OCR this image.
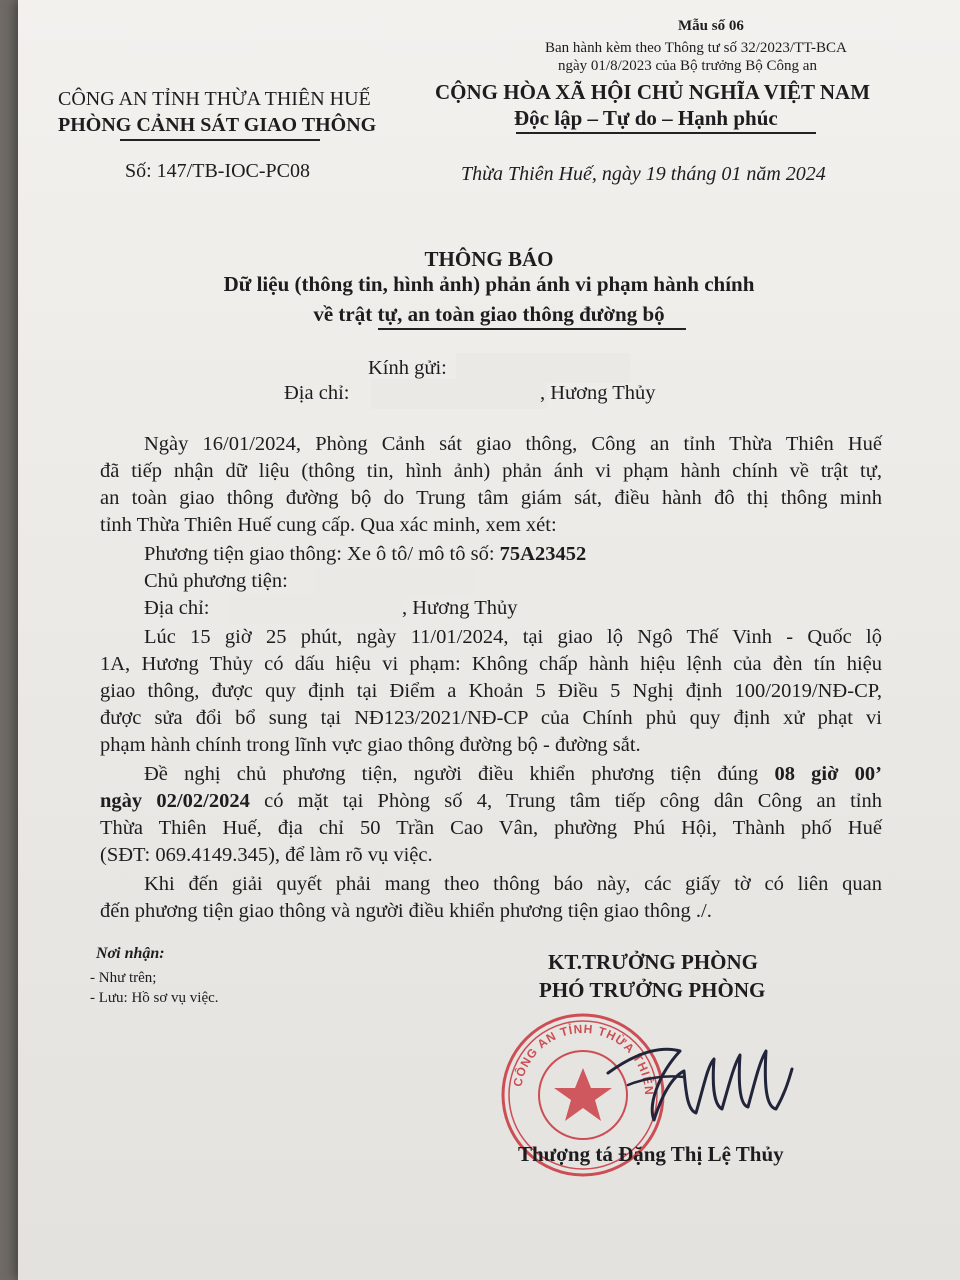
Mẫu số 06
Ban hành kèm theo Thông tư số 32/2023/TT-BCA
ngày 01/8/2023 của Bộ trưởng Bộ Công an
CÔNG AN TỈNH THỪA THIÊN HUẾ
PHÒNG CẢNH SÁT GIAO THÔNG
CỘNG HÒA XÃ HỘI CHỦ NGHĨA VIỆT NAM
Độc lập – Tự do – Hạnh phúc
Số: 147/TB-IOC-PC08	Thừa Thiên Huế, ngày 19 tháng 01 năm 2024
THÔNG BÁO
Dữ liệu (thông tin, hình ảnh) phản ánh vi phạm hành chính
về trật tự, an toàn giao thông đường bộ
Kính gửi:
Địa chỉ:	, Hương Thủy
Ngày 16/01/2024, Phòng Cảnh sát giao thông, Công an tỉnh Thừa Thiên Huế
đã tiếp nhận dữ liệu (thông tin, hình ảnh) phản ánh vi phạm hành chính về trật tự,
an toàn giao thông đường bộ do Trung tâm giám sát, điều hành đô thị thông minh
tỉnh Thừa Thiên Huế cung cấp. Qua xác minh, xem xét:
Phương tiện giao thông: Xe ô tô/ mô tô số: 75A23452
Chủ phương tiện:
Địa chỉ:	, Hương Thủy
Lúc 15 giờ 25 phút, ngày 11/01/2024, tại giao lộ Ngô Thế Vinh - Quốc lộ
1A, Hương Thủy có dấu hiệu vi phạm: Không chấp hành hiệu lệnh của đèn tín hiệu
giao thông, được quy định tại Điểm a Khoản 5 Điều 5 Nghị định 100/2019/NĐ-CP,
được sửa đổi bổ sung tại NĐ123/2021/NĐ-CP của Chính phủ quy định xử phạt vi
phạm hành chính trong lĩnh vực giao thông đường bộ - đường sắt.
Đề nghị chủ phương tiện, người điều khiển phương tiện đúng 08 giờ 00’
ngày 02/02/2024 có mặt tại Phòng số 4, Trung tâm tiếp công dân Công an tỉnh
Thừa Thiên Huế, địa chỉ 50 Trần Cao Vân, phường Phú Hội, Thành phố Huế
(SĐT: 069.4149.345), để làm rõ vụ việc.
Khi đến giải quyết phải mang theo thông báo này, các giấy tờ có liên quan
đến phương tiện giao thông và người điều khiển phương tiện giao thông ./.
Nơi nhận:
- Như trên;
- Lưu: Hồ sơ vụ việc.
KT.TRƯỞNG PHÒNG
PHÓ TRƯỞNG PHÒNG
CÔNG AN TỈNH THỪA THIÊN
Thượng tá Đặng Thị Lệ Thủy
